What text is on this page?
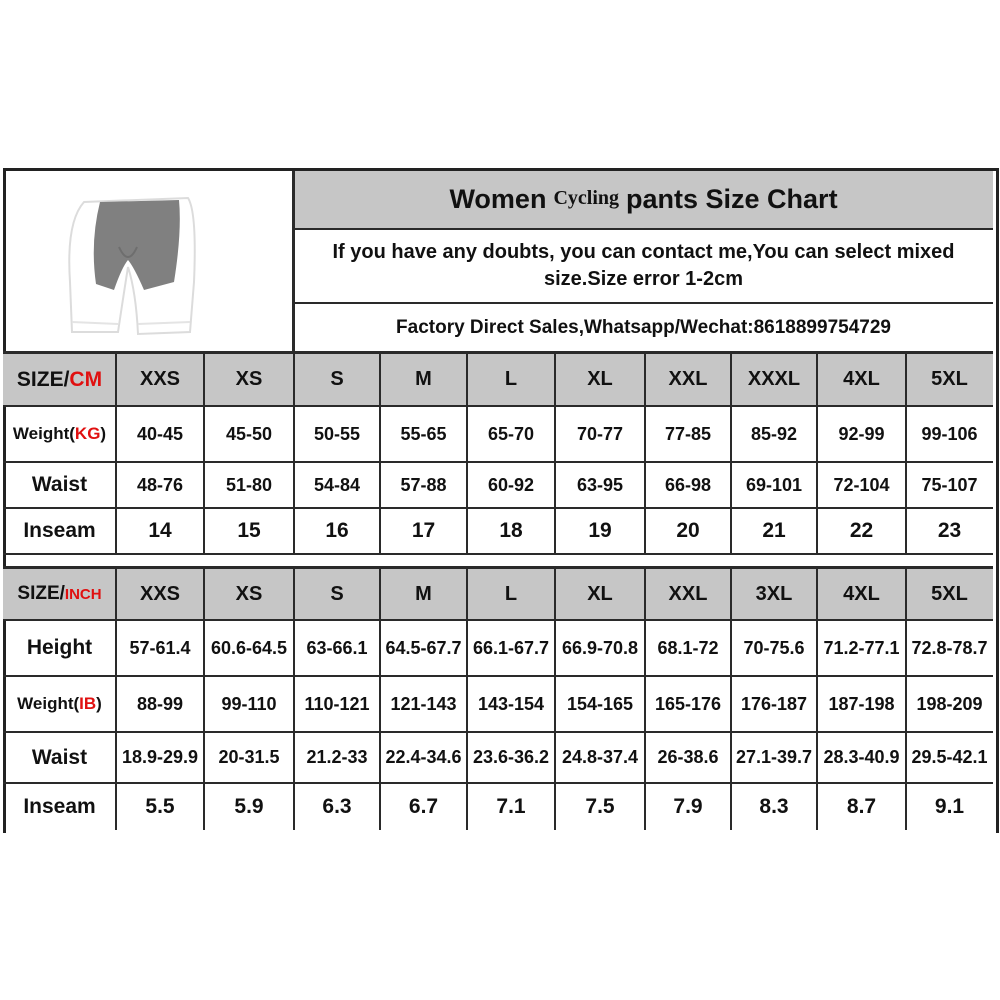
Women Cycling pants Size Chart
If you have any doubts, you can contact me,You can select mixed size.Size error 1-2cm
Factory Direct Sales,Whatsapp/Wechat:8618899754729
SIZE/ CM	XXS	XS	S	M	L	XL	XXL	XXXL	4XL	5XL
Weight( KG )	40-45	45-50	50-55	55-65	65-70	70-77	77-85	85-92	92-99	99-106
Waist	48-76	51-80	54-84	57-88	60-92	63-95	66-98	69-101	72-104	75-107
Inseam	14	15	16	17	18	19	20	21	22	23
SIZE/ INCH	XXS	XS	S	M	L	XL	XXL	3XL	4XL	5XL
Height	57-61.4	60.6-64.5	63-66.1 64.5-67.7 66.1-67.7 66.9-70.8	68.1-72	70-75.6	71.2-77.1 72.8-78.7
Weight( IB )	88-99	99-110	110-121	121-143	143-154	154-165	165-176	176-187	187-198	198-209
Waist	18.9-29.9	20-31.5	21.2-33 22.4-34.6 23.6-36.2 24.8-37.4	26-38.6 27.1-39.7 28.3-40.9 29.5-42.1
Inseam	5.5	5.9	6.3	6.7	7.1	7.5	7.9	8.3	8.7	9.1
